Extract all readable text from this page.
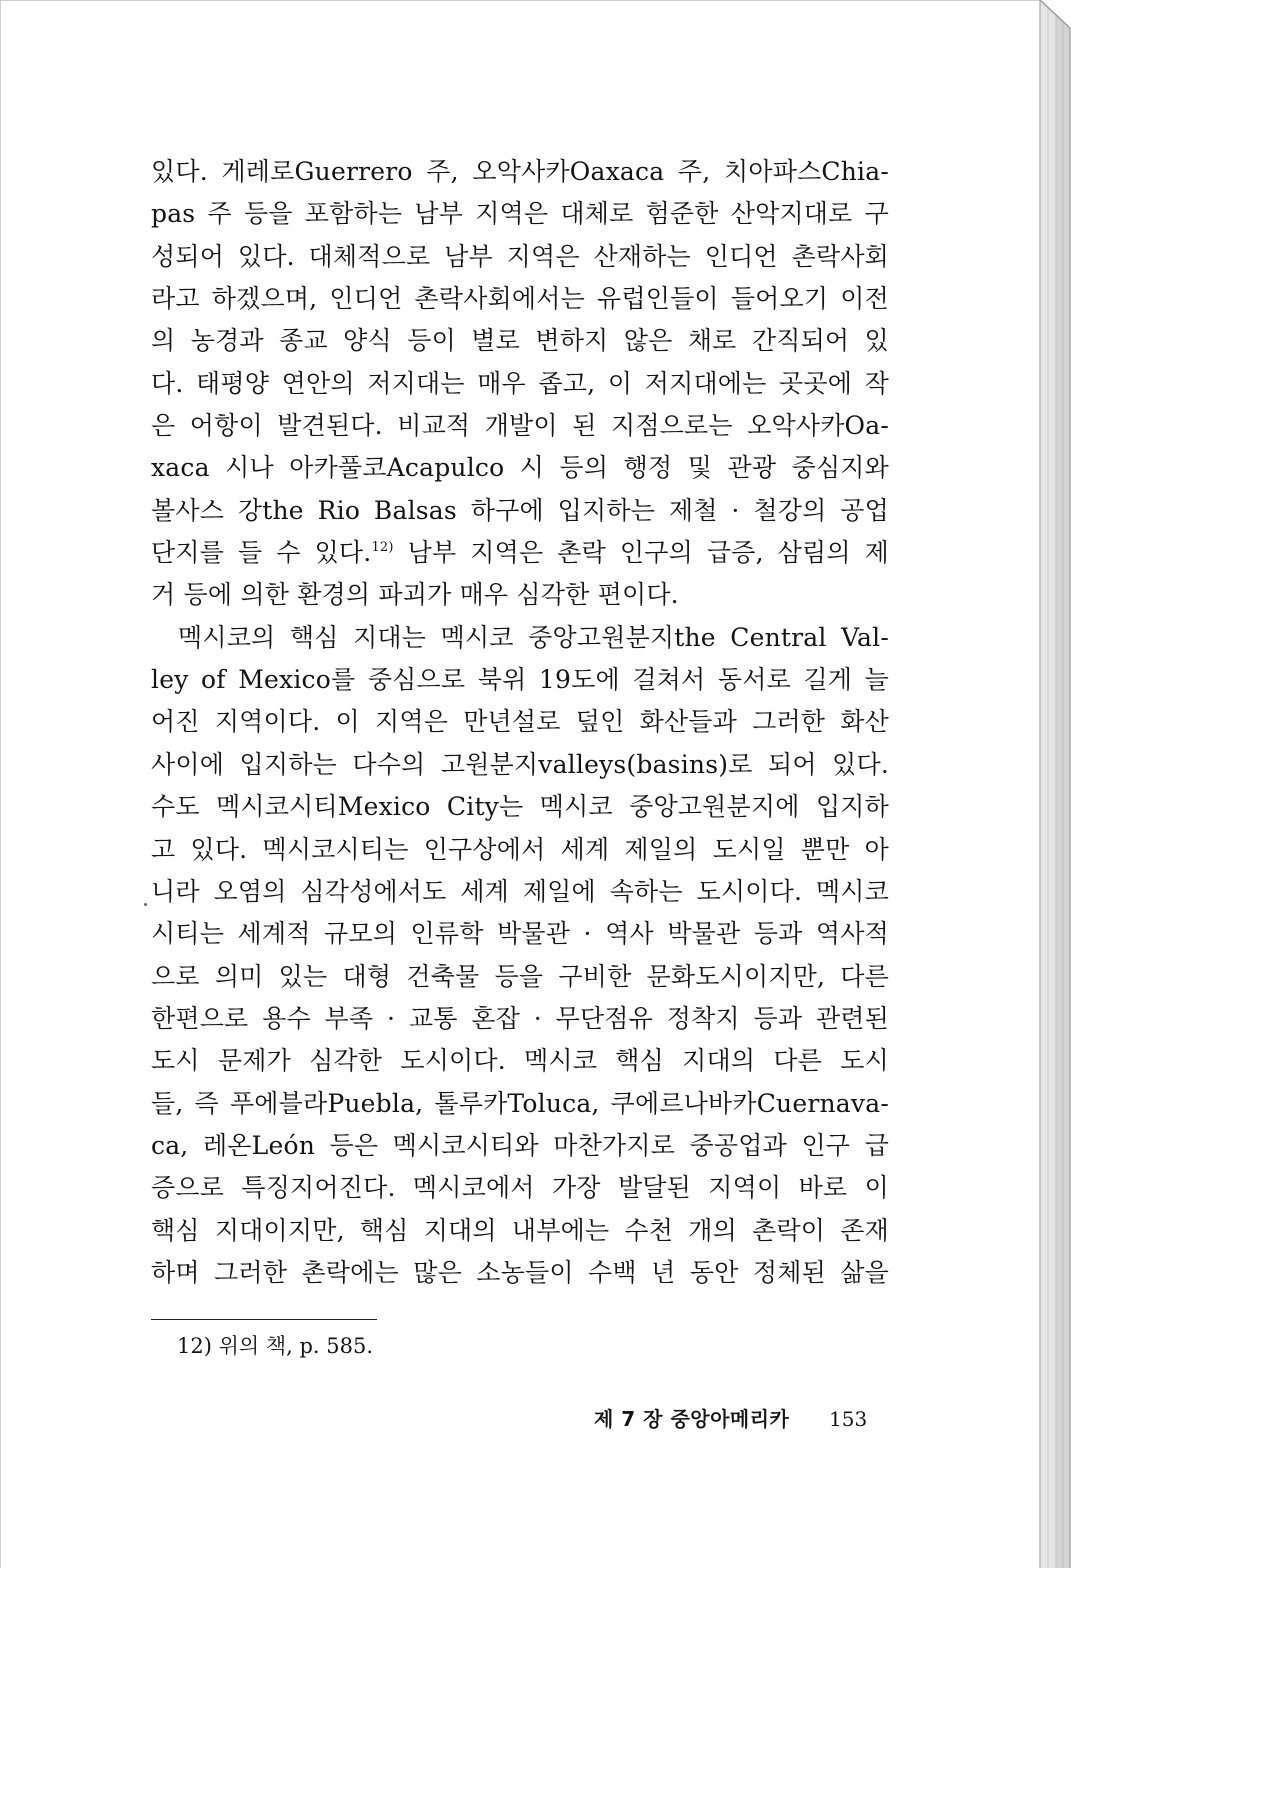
있다. 게레로Guerrero 주, 오악사카Oaxaca 주, 치아파스Chia-
pas 주 등을 포함하는 남부 지역은 대체로 험준한 산악지대로 구
성되어 있다. 대체적으로 남부 지역은 산재하는 인디언 촌락사회
라고 하겠으며, 인디언 촌락사회에서는 유럽인들이 들어오기 이전
의 농경과 종교 양식 등이 별로 변하지 않은 채로 간직되어 있
다. 태평양 연안의 저지대는 매우 좁고, 이 저지대에는 곳곳에 작
은 어항이 발견된다. 비교적 개발이 된 지점으로는 오악사카Oa-
xaca 시나 아카풀코Acapulco 시 등의 행정 및 관광 중심지와
볼사스 강the Rio Balsas 하구에 입지하는 제철 · 철강의 공업
단지를 들 수 있다.$^{12)}$ 남부 지역은 촌락 인구의 급증, 삼림의 제
거 등에 의한 환경의 파괴가 매우 심각한 편이다.
멕시코의 핵심 지대는 멕시코 중앙고원분지the Central Val-
ley of Mexico를 중심으로 북위 19도에 걸쳐서 동서로 길게 늘
어진 지역이다. 이 지역은 만년설로 덮인 화산들과 그러한 화산
사이에 입지하는 다수의 고원분지valleys(basins)로 되어 있다.
수도 멕시코시티Mexico City는 멕시코 중앙고원분지에 입지하
고 있다. 멕시코시티는 인구상에서 세계 제일의 도시일 뿐만 아
니라 오염의 심각성에서도 세계 제일에 속하는 도시이다. 멕시코
시티는 세계적 규모의 인류학 박물관 · 역사 박물관 등과 역사적
으로 의미 있는 대형 건축물 등을 구비한 문화도시이지만, 다른
한편으로 용수 부족 · 교통 혼잡 · 무단점유 정착지 등과 관련된
도시 문제가 심각한 도시이다. 멕시코 핵심 지대의 다른 도시
들, 즉 푸에블라Puebla, 톨루카Toluca, 쿠에르나바카Cuernava-
ca, 레온León 등은 멕시코시티와 마찬가지로 중공업과 인구 급
증으로 특징지어진다. 멕시코에서 가장 발달된 지역이 바로 이
핵심 지대이지만, 핵심 지대의 내부에는 수천 개의 촌락이 존재
하며 그러한 촌락에는 많은 소농들이 수백 년 동안 정체된 삶을
12) 위의 책, p. 585.
제 7 장 중앙아메리카 153
